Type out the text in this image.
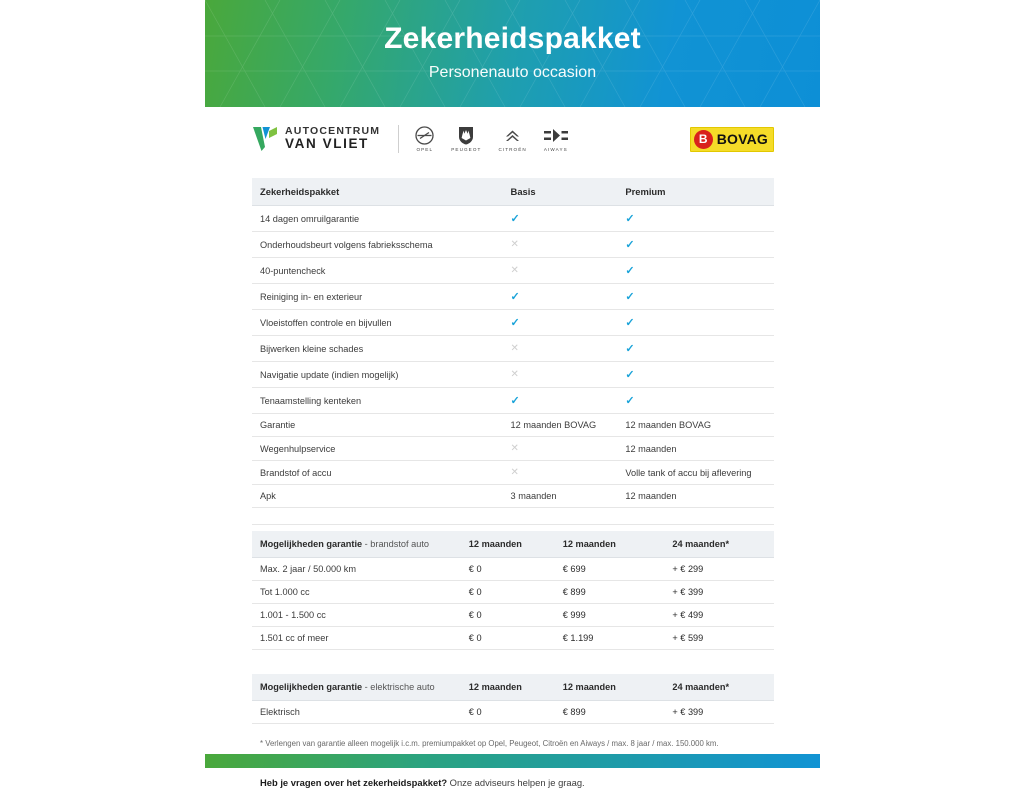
Zekerheidspakket
Personenauto occasion
AUTOCENTRUM
VAN VLIET	OPEL	PEUGEOT	CITROËN	AIWAYS
B BOVAG
Zekerheidspakket	Basis	Premium
14 dagen omruilgarantie	✓	✓
Onderhoudsbeurt volgens fabrieksschema	✕	✓
40-puntencheck	✕	✓
Reiniging in- en exterieur	✓	✓
Vloeistoffen controle en bijvullen	✓	✓
Bijwerken kleine schades	✕	✓
Navigatie update (indien mogelijk)	✕	✓
Tenaamstelling kenteken	✓	✓
Garantie	12 maanden BOVAG	12 maanden BOVAG
Wegenhulpservice	✕	12 maanden
Brandstof of accu	✕	Volle tank of accu bij aflevering
Apk	3 maanden	12 maanden
Mogelijkheden garantie - brandstof auto	12 maanden	12 maanden	24 maanden*
Max. 2 jaar / 50.000 km	€ 0	€ 699	+ € 299
Tot 1.000 cc	€ 0	€ 899	+ € 399
1.001 - 1.500 cc	€ 0	€ 999	+ € 499
1.501 cc of meer	€ 0	€ 1.199	+ € 599
Mogelijkheden garantie - elektrische auto	12 maanden	12 maanden	24 maanden*
Elektrisch	€ 0	€ 899	+ € 399
* Verlengen van garantie alleen mogelijk i.c.m. premiumpakket op Opel, Peugeot, Citroën en Aiways / max. 8 jaar / max. 150.000 km.
Heb je vragen over het zekerheidspakket? Onze adviseurs helpen je graag.
